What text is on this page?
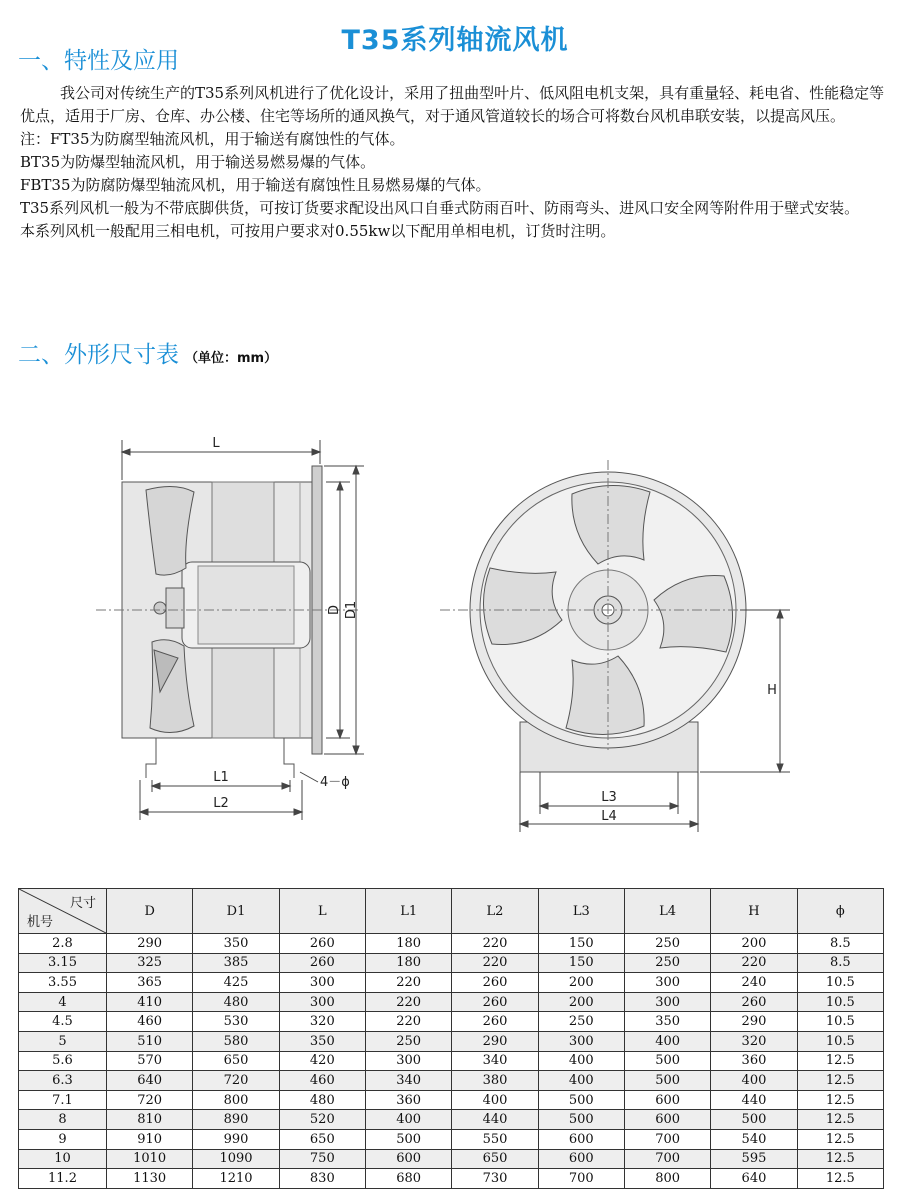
T35系列轴流风机
一、特性及应用

我公司对传统生产的T35系列风机进行了优化设计，采用了扭曲型叶片、低风阻电机支架，具有重量轻、耗电省、性能稳定等优点，适用于厂房、仓库、办公楼、住宅等场所的通风换气，对于通风管道较长的场合可将数台风机串联安装，以提高风压。

注：FT35为防腐型轴流风机，用于输送有腐蚀性的气体。

BT35为防爆型轴流风机，用于输送易燃易爆的气体。

FBT35为防腐防爆型轴流风机，用于输送有腐蚀性且易燃易爆的气体。

T35系列风机一般为不带底脚供货，可按订货要求配设出风口自垂式防雨百叶、防雨弯头、进风口安全网等附件用于壁式安装。

本系列风机一般配用三相电机，可按用户要求对0.55kw以下配用单相电机，订货时注明。

二、外形尺寸表 （单位：mm）
L
D D1
L1
L2
4－ϕ
H
L3
L4
尺寸
机号	D	D1	L	L1	L2	L3	L4	H	ϕ
2.8	290	350	260	180	220	150	250	200	8.5
3.15	325	385	260	180	220	150	250	220	8.5
3.55	365	425	300	220	260	200	300	240	10.5
4	410	480	300	220	260	200	300	260	10.5
4.5	460	530	320	220	260	250	350	290	10.5
5	510	580	350	250	290	300	400	320	10.5
5.6	570	650	420	300	340	400	500	360	12.5
6.3	640	720	460	340	380	400	500	400	12.5
7.1	720	800	480	360	400	500	600	440	12.5
8	810	890	520	400	440	500	600	500	12.5
9	910	990	650	500	550	600	700	540	12.5
10	1010	1090	750	600	650	600	700	595	12.5
11.2	1130	1210	830	680	730	700	800	640	12.5
